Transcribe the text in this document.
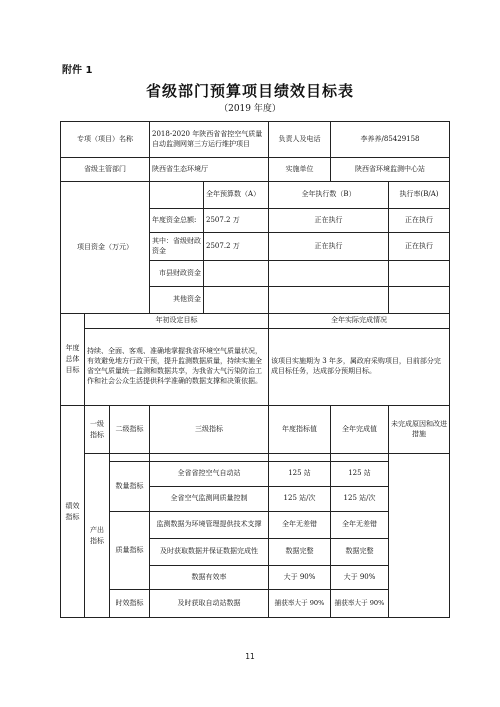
附件 1
省级部门预算项目绩效目标表
（2019 年度）
专项（项目）名称			2018-2020 年陕西省省控空气质量自动监测网第三方运行维护项目		负责人及电话	李养养/85429158	
省级主管部门			陕西省生态环境厅		实施单位	陕西省环境监测中心站	
项目资金（万元）				全年预算数（A）	全年执行数（B）		执行率(B/A)
			年度资金总额:	2507.2 万	正在执行		正在执行
			其中：省级财政资金	2507.2 万	正在执行		正在执行
			市县财政资金				
			其他资金				
年度总体目标	年初设定目标				全年实际完成情况		
	持续、全面、客观、准确地掌握我省环境空气质量状况，有效避免地方行政干预，提升监测数据质量，持续实施全省空气质量统一监测和数据共享，为我省大气污染防治工作和社会公众生活提供科学准确的数据支撑和决策依据。				该项目实施期为 3 年多，属政府采购项目，目前部分完成目标任务，达成部分预期目标。		
绩效指标	一级指标	二级指标	三级指标		年度指标值	全年完成值	未完成原因和改进措施
	产出指标						
		数量指标	全省省控空气自动站		125 站	125 站	
			全省空气监测网质量控制		125 站/次	125 站/次	
		质量指标	监测数据为环境管理提供技术支撑		全年无差错	全年无差错	
			及时获取数据并保证数据完成性		数据完整	数据完整	
			数据有效率		大于 90%	大于 90%	
		时效指标	及时获取自动站数据		捕获率大于 90%	捕获率大于 90%	
11
